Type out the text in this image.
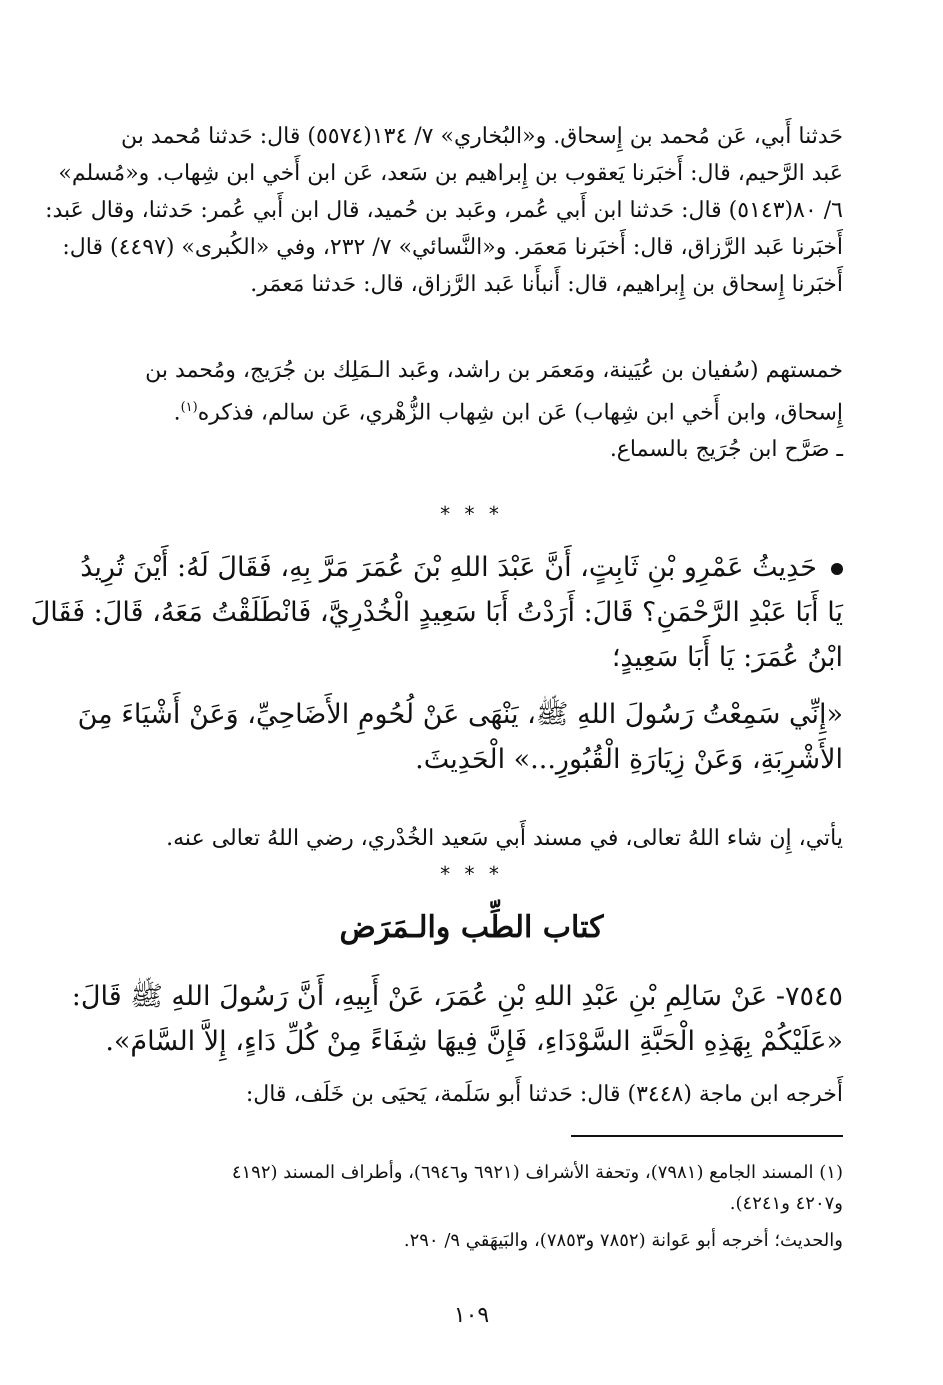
حَدثنا أَبي، عَن مُحمد بن إِسحاق. و«البُخاري» ٧/ ١٣٤(٥٥٧٤) قال: حَدثنا مُحمد بن
عَبد الرَّحيم، قال: أَخبَرنا يَعقوب بن إِبراهيم بن سَعد، عَن ابن أَخي ابن شِهاب. و«مُسلم»
٦/ ٨٠(٥١٤٣) قال: حَدثنا ابن أَبي عُمر، وعَبد بن حُميد، قال ابن أَبي عُمر: حَدثنا، وقال عَبد:
أَخبَرنا عَبد الرَّزاق، قال: أَخبَرنا مَعمَر. و«النَّسائي» ٧/ ٢٣٢، وفي «الكُبرى» (٤٤٩٧) قال:
أَخبَرنا إِسحاق بن إِبراهيم، قال: أَنبأَنا عَبد الرَّزاق، قال: حَدثنا مَعمَر.
خمستهم (سُفيان بن عُيَينة، ومَعمَر بن راشد، وعَبد الـمَلِك بن جُرَيج، ومُحمد بن
إِسحاق، وابن أَخي ابن شِهاب) عَن ابن شِهاب الزُّهْري، عَن سالم، فذكره$^{(١)}$.
ـ صَرَّح ابن جُرَيج بالسماع.
* * *
حَدِيثُ عَمْرِو بْنِ ثَابِتٍ، أَنَّ عَبْدَ اللهِ بْنَ عُمَرَ مَرَّ بِهِ، فَقَالَ لَهُ: أَيْنَ تُرِيدُ
يَا أَبَا عَبْدِ الرَّحْمَنِ؟ قَالَ: أَرَدْتُ أَبَا سَعِيدٍ الْخُدْرِيَّ، فَانْطَلَقْتُ مَعَهُ، قَالَ: فَقَالَ
ابْنُ عُمَرَ: يَا أَبَا سَعِيدٍ؛
«إِنِّي سَمِعْتُ رَسُولَ اللهِ ﷺ، يَنْهَى عَنْ لُحُومِ الأَضَاحِيِّ، وَعَنْ أَشْيَاءَ مِنَ
الأَشْرِبَةِ، وَعَنْ زِيَارَةِ الْقُبُورِ...» الْحَدِيثَ.
يأتي، إِن شاء اللهُ تعالى، في مسند أَبي سَعيد الخُدْري، رضي اللهُ تعالى عنه.
* * *
كتاب الطِّب والـمَرَض
٧٥٤٥- عَنْ سَالِمِ بْنِ عَبْدِ اللهِ بْنِ عُمَرَ، عَنْ أَبِيهِ، أَنَّ رَسُولَ اللهِ ﷺ قَالَ:
«عَلَيْكُمْ بِهَذِهِ الْحَبَّةِ السَّوْدَاءِ، فَإِنَّ فِيهَا شِفَاءً مِنْ كُلِّ دَاءٍ، إِلاَّ السَّامَ».
أَخرجه ابن ماجة (٣٤٤٨) قال: حَدثنا أَبو سَلَمة، يَحيَى بن خَلَف، قال:
(١) المسند الجامع (٧٩٨١)، وتحفة الأشراف (٦٩٢١ و٦٩٤٦)، وأطراف المسند (٤١٩٢
و٤٢٠٧ و٤٢٤١).
والحديث؛ أخرجه أبو عَوانة (٧٨٥٢ و٧٨٥٣)، والبَيهَقي ٩/ ٢٩٠.
١٠٩
